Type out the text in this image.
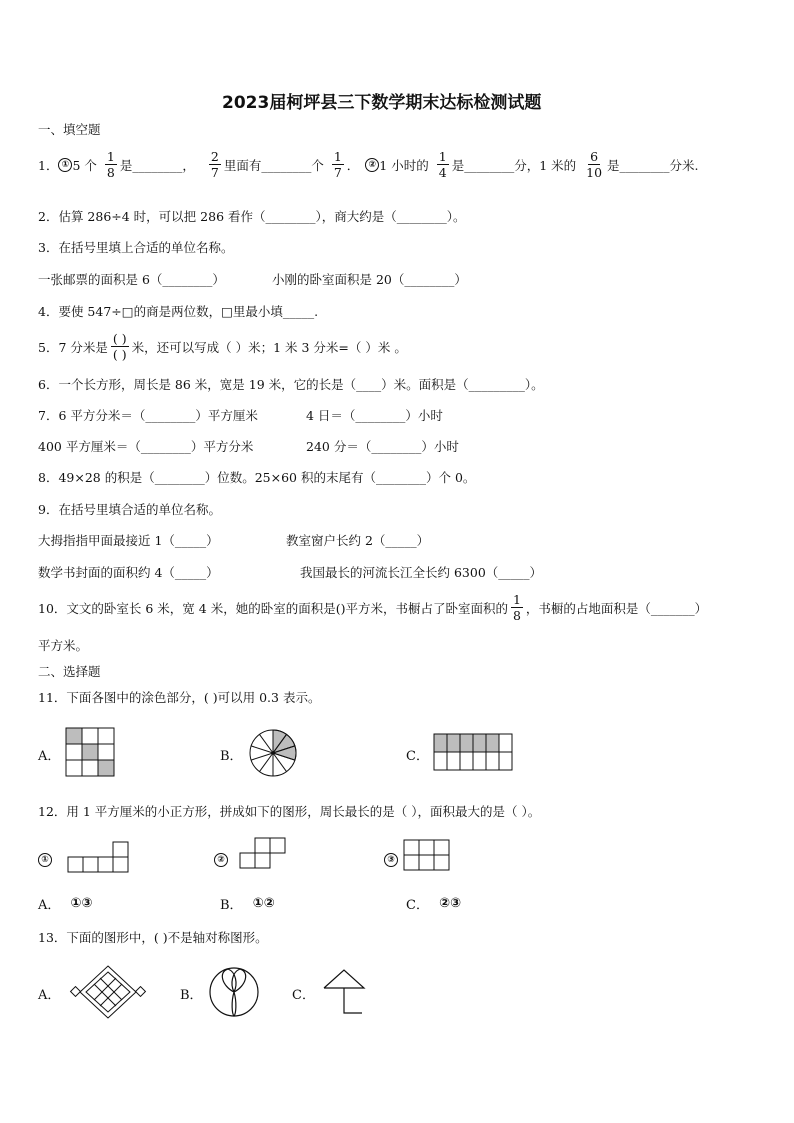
2023届柯坪县三下数学期末达标检测试题
一、填空题
1． ① 5 个 $\frac{1}{8}$ 是________， $\frac{2}{7}$ 里面有________个 $\frac{1}{7}$ ．	② 1 小时的 $\frac{1}{4}$ 是________分，1 米的 $\frac{6}{10}$ 是________分米.
2．估算 286÷4 时，可以把 286 看作（________），商大约是（________）。
3．在括号里填上合适的单位名称。
一张邮票的面积是 6（________）	小刚的卧室面积是 20（________）
4．要使 547÷□的商是两位数，□里最小填_____.
5．7 分米是 $\frac{( )}{( )}$ 米，还可以写成（ ）米；1 米 3 分米=（ ）米 。
6．一个长方形，周长是 86 米，宽是 19 米，它的长是（____）米。面积是（_________）。
7．6 平方分米＝（________）平方厘米	4 日＝（________）小时
400 平方厘米＝（________）平方分米	240 分＝（________）小时
8．49×28 的积是（________）位数。25×60 积的末尾有（________）个 0。
9．在括号里填合适的单位名称。
大拇指指甲面最接近 1（_____）	教室窗户长约 2（_____）
数学书封面的面积约 4（_____）	我国最长的河流长江全长约 6300（_____）
10．文文的卧室长 6 米，宽 4 米，她的卧室的面积是()平方米，书橱占了卧室面积的 $\frac{1}{8}$ ，书橱的占地面积是（_______）
平方米。
二、选择题
11．下面各图中的涂色部分，( )可以用 0.3 表示。
A．	B．	C．
12．用 1 平方厘米的小正方形，拼成如下的图形，周长最长的是（ ），面积最大的是（ ）。
①	②	③
A． ①③	B． ①②	C． ②③
13．下面的图形中，( )不是轴对称图形。
A．	B．	C．
